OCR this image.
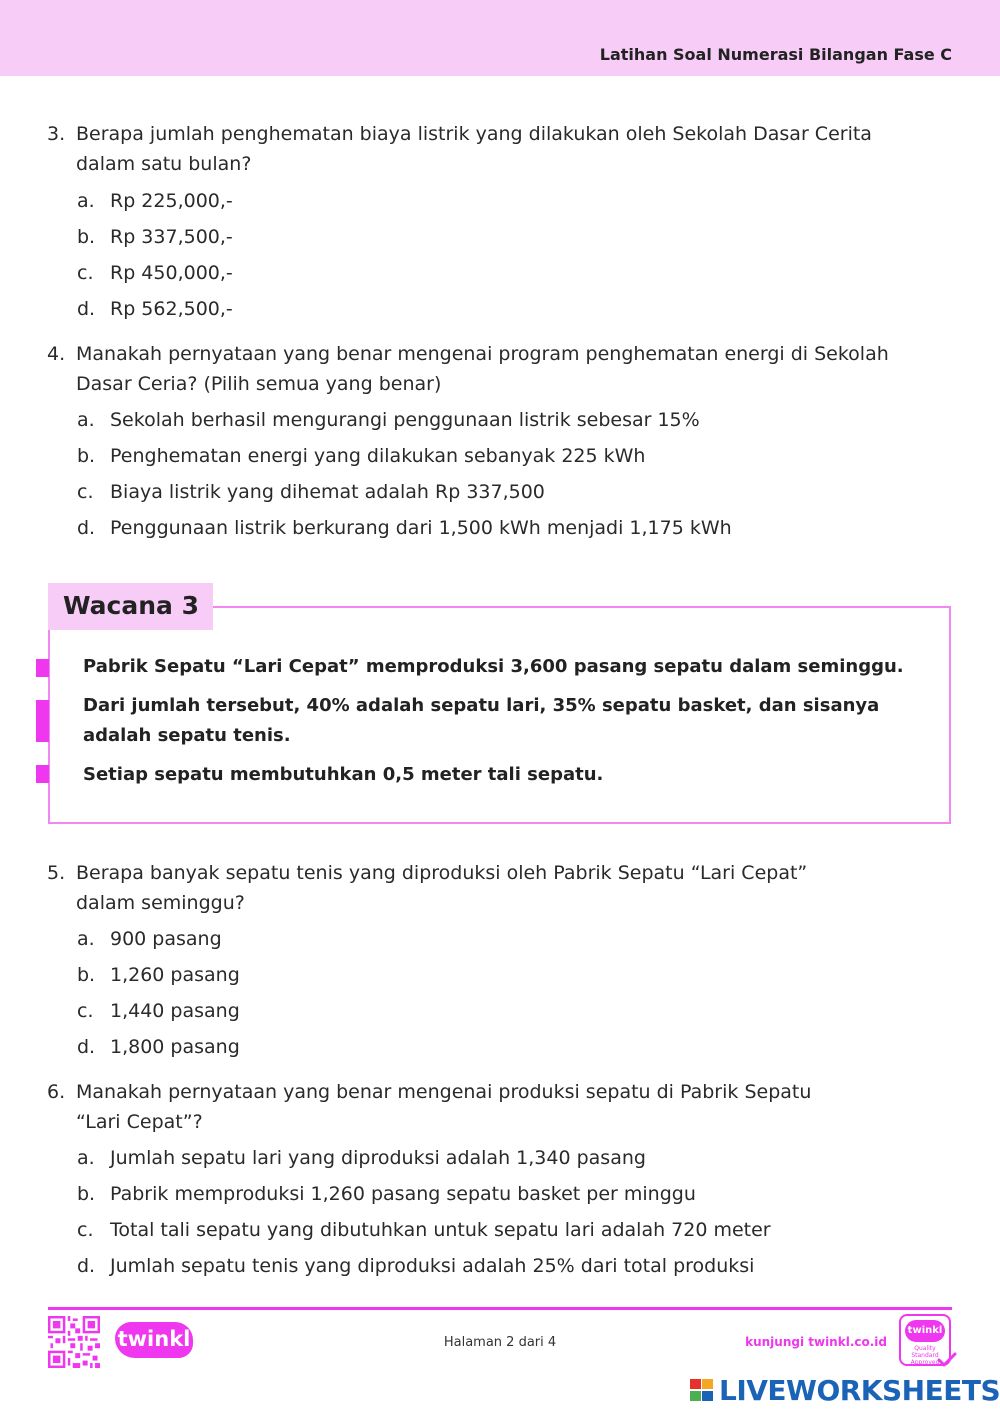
Latihan Soal Numerasi Bilangan Fase C
3. Berapa jumlah penghematan biaya listrik yang dilakukan oleh Sekolah Dasar Cerita
dalam satu bulan?
a. Rp 225,000,-
b. Rp 337,500,-
c. Rp 450,000,-
d. Rp 562,500,-
4. Manakah pernyataan yang benar mengenai program penghematan energi di Sekolah
Dasar Ceria? (Pilih semua yang benar)
a. Sekolah berhasil mengurangi penggunaan listrik sebesar 15%
b. Penghematan energi yang dilakukan sebanyak 225 kWh
c. Biaya listrik yang dihemat adalah Rp 337,500
d. Penggunaan listrik berkurang dari 1,500 kWh menjadi 1,175 kWh
Wacana 3
Pabrik Sepatu “Lari Cepat” memproduksi 3,600 pasang sepatu dalam seminggu.
Dari jumlah tersebut, 40% adalah sepatu lari, 35% sepatu basket, dan sisanya
adalah sepatu tenis.
Setiap sepatu membutuhkan 0,5 meter tali sepatu.
5. Berapa banyak sepatu tenis yang diproduksi oleh Pabrik Sepatu “Lari Cepat”
dalam seminggu?
a. 900 pasang
b. 1,260 pasang
c. 1,440 pasang
d. 1,800 pasang
6. Manakah pernyataan yang benar mengenai produksi sepatu di Pabrik Sepatu
“Lari Cepat”?
a. Jumlah sepatu lari yang diproduksi adalah 1,340 pasang
b. Pabrik memproduksi 1,260 pasang sepatu basket per minggu
c. Total tali sepatu yang dibutuhkan untuk sepatu lari adalah 720 meter
d. Jumlah sepatu tenis yang diproduksi adalah 25% dari total produksi
twinkl	Halaman 2 dari 4	kunjungi twinkl.co.id
twinkl
Quality Standard Approved
LIVEWORKSHEETS
